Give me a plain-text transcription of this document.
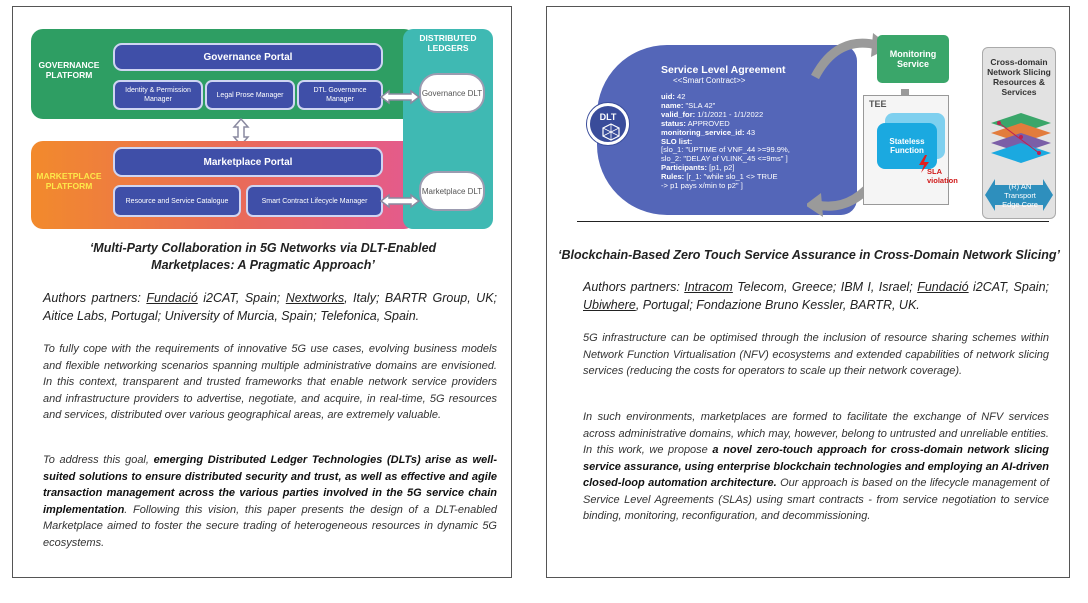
GOVERNANCE PLATFORM
Governance Portal
Identity & Permission Manager
Legal Prose Manager
DTL Governance Manager
MARKETPLACE PLATFORM
Marketplace Portal
Resource and Service Catalogue	Smart Contract Lifecycle Manager
DISTRIBUTED LEDGERS
Governance DLT
Marketplace DLT
‘Multi-Party Collaboration in 5G Networks via DLT-Enabled Marketplaces: A Pragmatic Approach’
Authors partners: Fundació i2CAT, Spain; Nextworks, Italy; BARTR Group, UK; Aitice Labs, Portugal; University of Murcia, Spain; Telefonica, Spain.
To fully cope with the requirements of innovative 5G use cases, evolving business models and flexible networking scenarios spanning multiple administrative domains are envisioned. In this context, transparent and trusted frameworks that enable network service providers and infrastructure providers to advertise, negotiate, and acquire, in real-time, 5G resources and services, distributed over various geographical areas, are extremely valuable.
To address this goal, emerging Distributed Ledger Technologies (DLTs) arise as well-suited solutions to ensure distributed security and trust, as well as effective and agile transaction management across the various parties involved in the 5G service chain implementation. Following this vision, this paper presents the design of a DLT-enabled Marketplace aimed to foster the secure trading of heterogeneous resources in dynamic 5G ecosystems.
DLT
Service Level Agreement
<<Smart Contract>>
uid: 42
name: "SLA 42"
valid_for: 1/1/2021 - 1/1/2022
status: APPROVED
monitoring_service_id: 43
SLO list:
[slo_1: "UPTIME of VNF_44 >=99.9%,
slo_2: "DELAY of VLINK_45 <=9ms" ]
Participants: [p1, p2]
Rules: [r_1: "while slo_1 <> TRUE
-> p1 pays x/min to p2" ]
Monitoring Service
TEE
Stateless Function
SLA violation
Cross-domain Network Slicing Resources & Services
(R) AN Transport Edge Core
‘Blockchain-Based Zero Touch Service Assurance in Cross-Domain Network Slicing’
Authors partners: Intracom Telecom, Greece; IBM I, Israel; Fundació i2CAT, Spain; Ubiwhere, Portugal; Fondazione Bruno Kessler, BARTR, UK.
5G infrastructure can be optimised through the inclusion of resource sharing schemes within Network Function Virtualisation (NFV) ecosystems and extended capabilities of network slicing services (reducing the costs for operators to scale up their network coverage).
In such environments, marketplaces are formed to facilitate the exchange of NFV services across administrative domains, which may, however, belong to untrusted and unreliable entities. In this work, we propose a novel zero-touch approach for cross-domain network slicing service assurance, using enterprise blockchain technologies and employing an AI-driven closed-loop automation architecture. Our approach is based on the lifecycle management of Service Level Agreements (SLAs) using smart contracts - from service negotiation to service binding, monitoring, reconfiguration, and decommissioning.
